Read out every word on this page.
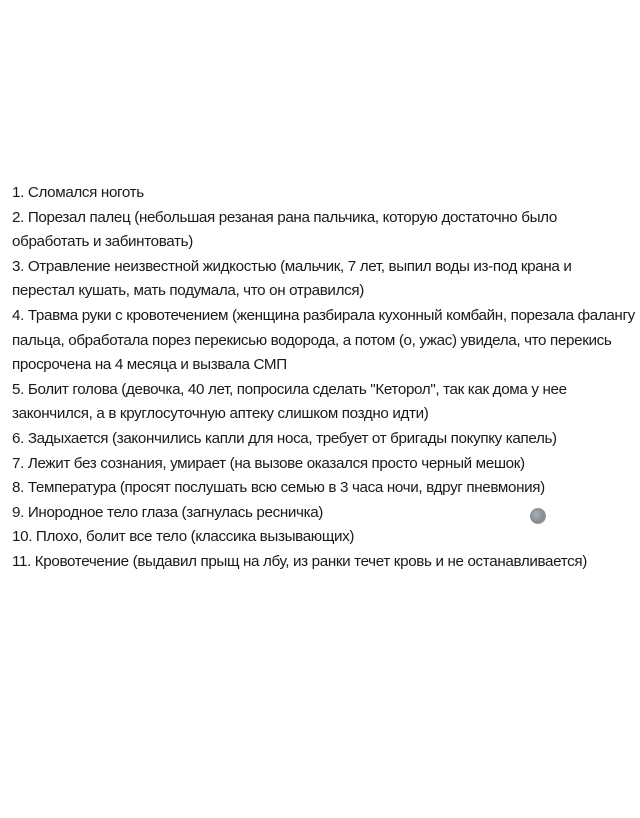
1. Сломался ноготь
2. Порезал палец (небольшая резаная рана пальчика, которую достаточно было обработать и забинтовать)
3. Отравление неизвестной жидкостью (мальчик, 7 лет, выпил воды из-под крана и перестал кушать, мать подумала, что он отравился)
4. Травма руки с кровотечением (женщина разбирала кухонный комбайн, порезала фалангу пальца, обработала порез перекисью водорода, а потом (о, ужас) увидела, что перекись просрочена на 4 месяца и вызвала СМП
5. Болит голова (девочка, 40 лет, попросила сделать "Кеторол", так как дома у нее закончился, а в круглосуточную аптеку слишком поздно идти)
6. Задыхается (закончились капли для носа, требует от бригады покупку капель)
7. Лежит без сознания, умирает (на вызове оказался просто черный мешок)
8. Температура (просят послушать всю семью в 3 часа ночи, вдруг пневмония)
9. Инородное тело глаза (загнулась ресничка)
10. Плохо, болит все тело (классика вызывающих)
11. Кровотечение (выдавил прыщ на лбу, из ранки течет кровь и не останавливается)
